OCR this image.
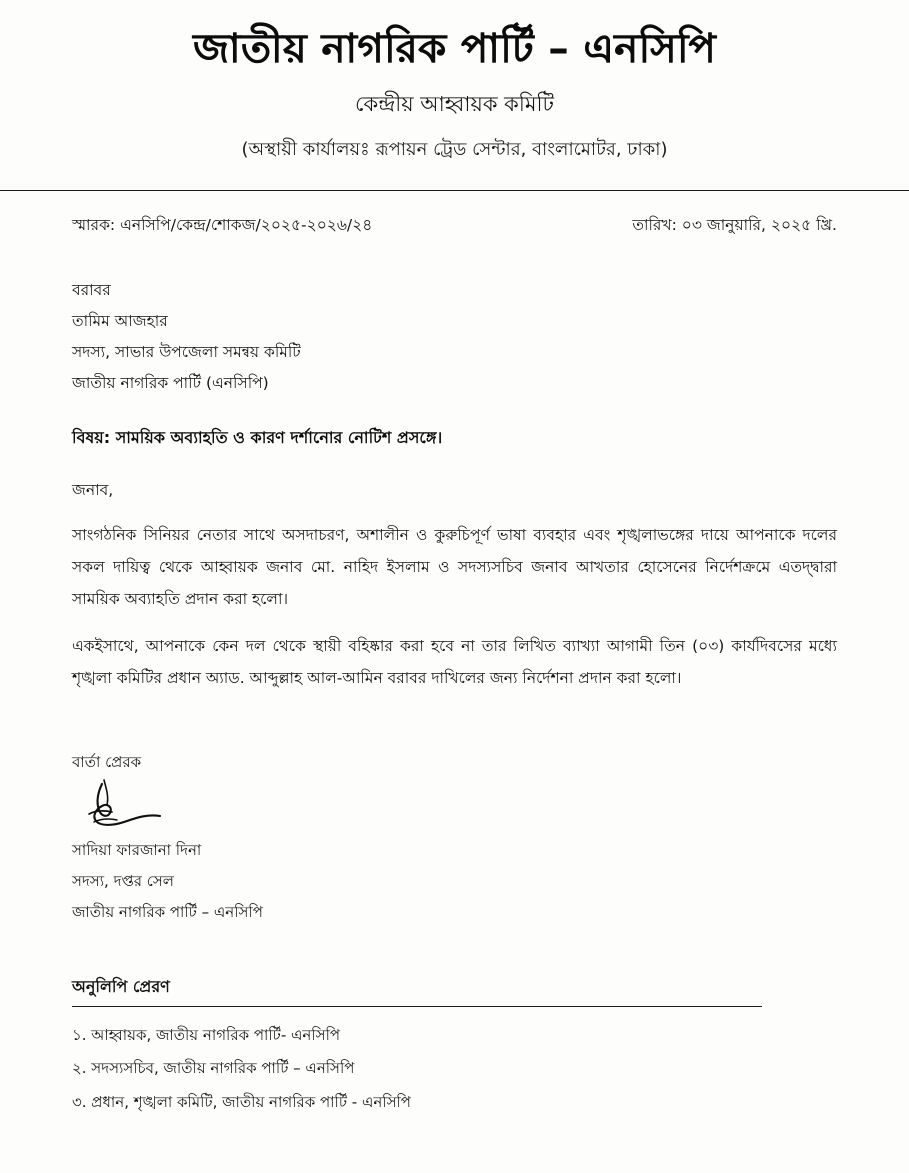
জাতীয় নাগরিক পার্টি – এনসিপি
কেন্দ্রীয় আহ্বায়ক কমিটি
(অস্থায়ী কার্যালয়ঃ রূপায়ন ট্রেড সেন্টার, বাংলামোটর, ঢাকা)
স্মারক: এনসিপি/কেন্দ্র/শোকজ/২০২৫-২০২৬/২৪	তারিখ: ০৩ জানুয়ারি, ২০২৫ খ্রি.
বরাবর
তামিম আজহার
সদস্য, সাভার উপজেলা সমন্বয় কমিটি
জাতীয় নাগরিক পার্টি (এনসিপি)
বিষয়: সাময়িক অব্যাহতি ও কারণ দর্শানোর নোটিশ প্রসঙ্গে।
জনাব,

সাংগঠনিক সিনিয়র নেতার সাথে অসদাচরণ, অশালীন ও কুরুচিপূর্ণ ভাষা ব্যবহার এবং শৃঙ্খলাভঙ্গের দায়ে আপনাকে দলের সকল দায়িত্ব থেকে আহ্বায়ক জনাব মো. নাহিদ ইসলাম ও সদস্যসচিব জনাব আখতার হোসেনের নির্দেশক্রমে এতদ্দ্বারা সাময়িক অব্যাহতি প্রদান করা হলো।

একইসাথে, আপনাকে কেন দল থেকে স্থায়ী বহিষ্কার করা হবে না তার লিখিত ব্যাখ্যা আগামী তিন (০৩) কার্যদিবসের মধ্যে শৃঙ্খলা কমিটির প্রধান অ্যাড. আব্দুল্লাহ আল-আমিন বরাবর দাখিলের জন্য নির্দেশনা প্রদান করা হলো।

বার্তা প্রেরক
সাদিয়া ফারজানা দিনা
সদস্য, দপ্তর সেল
জাতীয় নাগরিক পার্টি – এনসিপি
অনুলিপি প্রেরণ
১. আহ্বায়ক, জাতীয় নাগরিক পার্টি- এনসিপি
২. সদস্যসচিব, জাতীয় নাগরিক পার্টি – এনসিপি
৩. প্রধান, শৃঙ্খলা কমিটি, জাতীয় নাগরিক পার্টি - এনসিপি
